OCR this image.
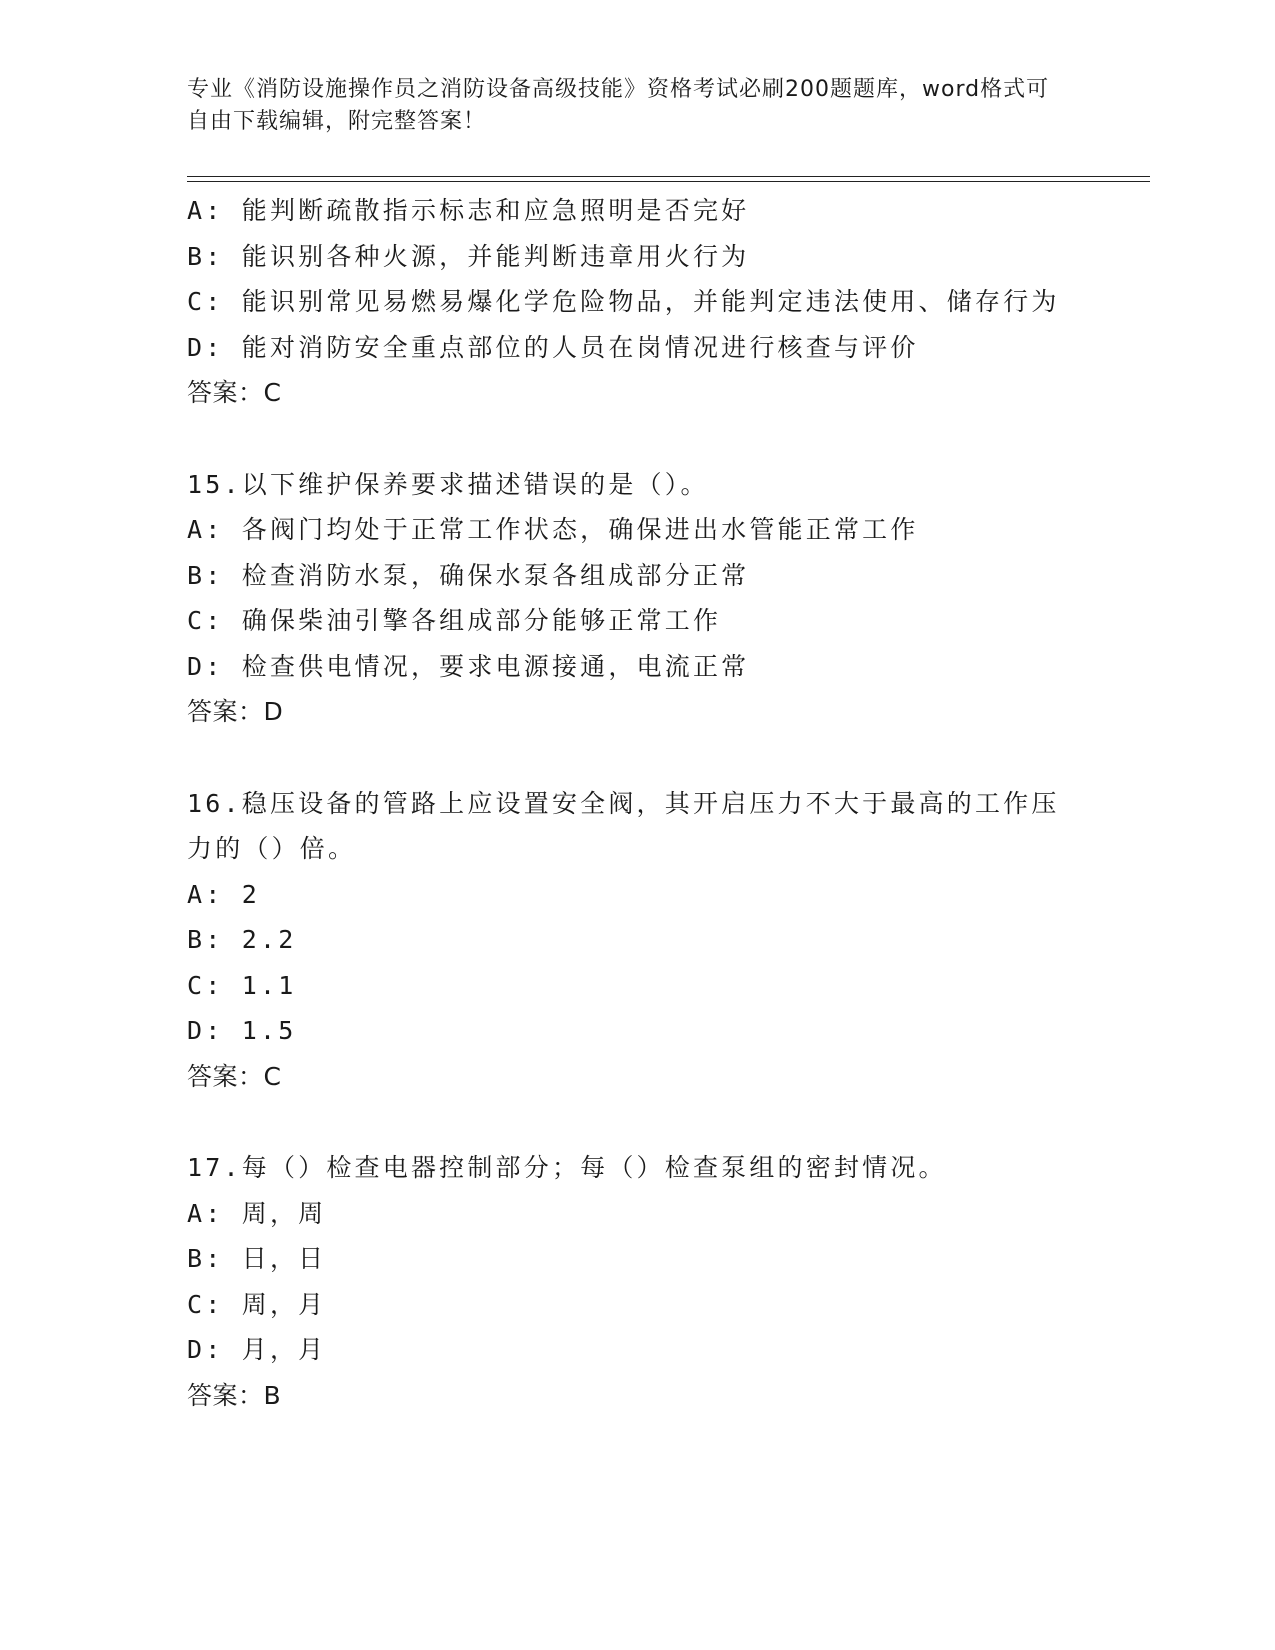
专业《消防设施操作员之消防设备高级技能》资格考试必刷200题题库，word格式可自由下载编辑，附完整答案！
A: 能判断疏散指示标志和应急照明是否完好
B: 能识别各种火源，并能判断违章用火行为
C: 能识别常见易燃易爆化学危险物品，并能判定违法使用、储存行为
D: 能对消防安全重点部位的人员在岗情况进行核查与评价
答案：C
15.以下维护保养要求描述错误的是（）。
A: 各阀门均处于正常工作状态，确保进出水管能正常工作
B: 检查消防水泵，确保水泵各组成部分正常
C: 确保柴油引擎各组成部分能够正常工作
D: 检查供电情况，要求电源接通，电流正常
答案：D
16.稳压设备的管路上应设置安全阀，其开启压力不大于最高的工作压
力的（）倍。
A: 2
B: 2.2
C: 1.1
D: 1.5
答案：C
17.每（）检查电器控制部分；每（）检查泵组的密封情况。
A: 周，周
B: 日，日
C: 周，月
D: 月，月
答案：B
